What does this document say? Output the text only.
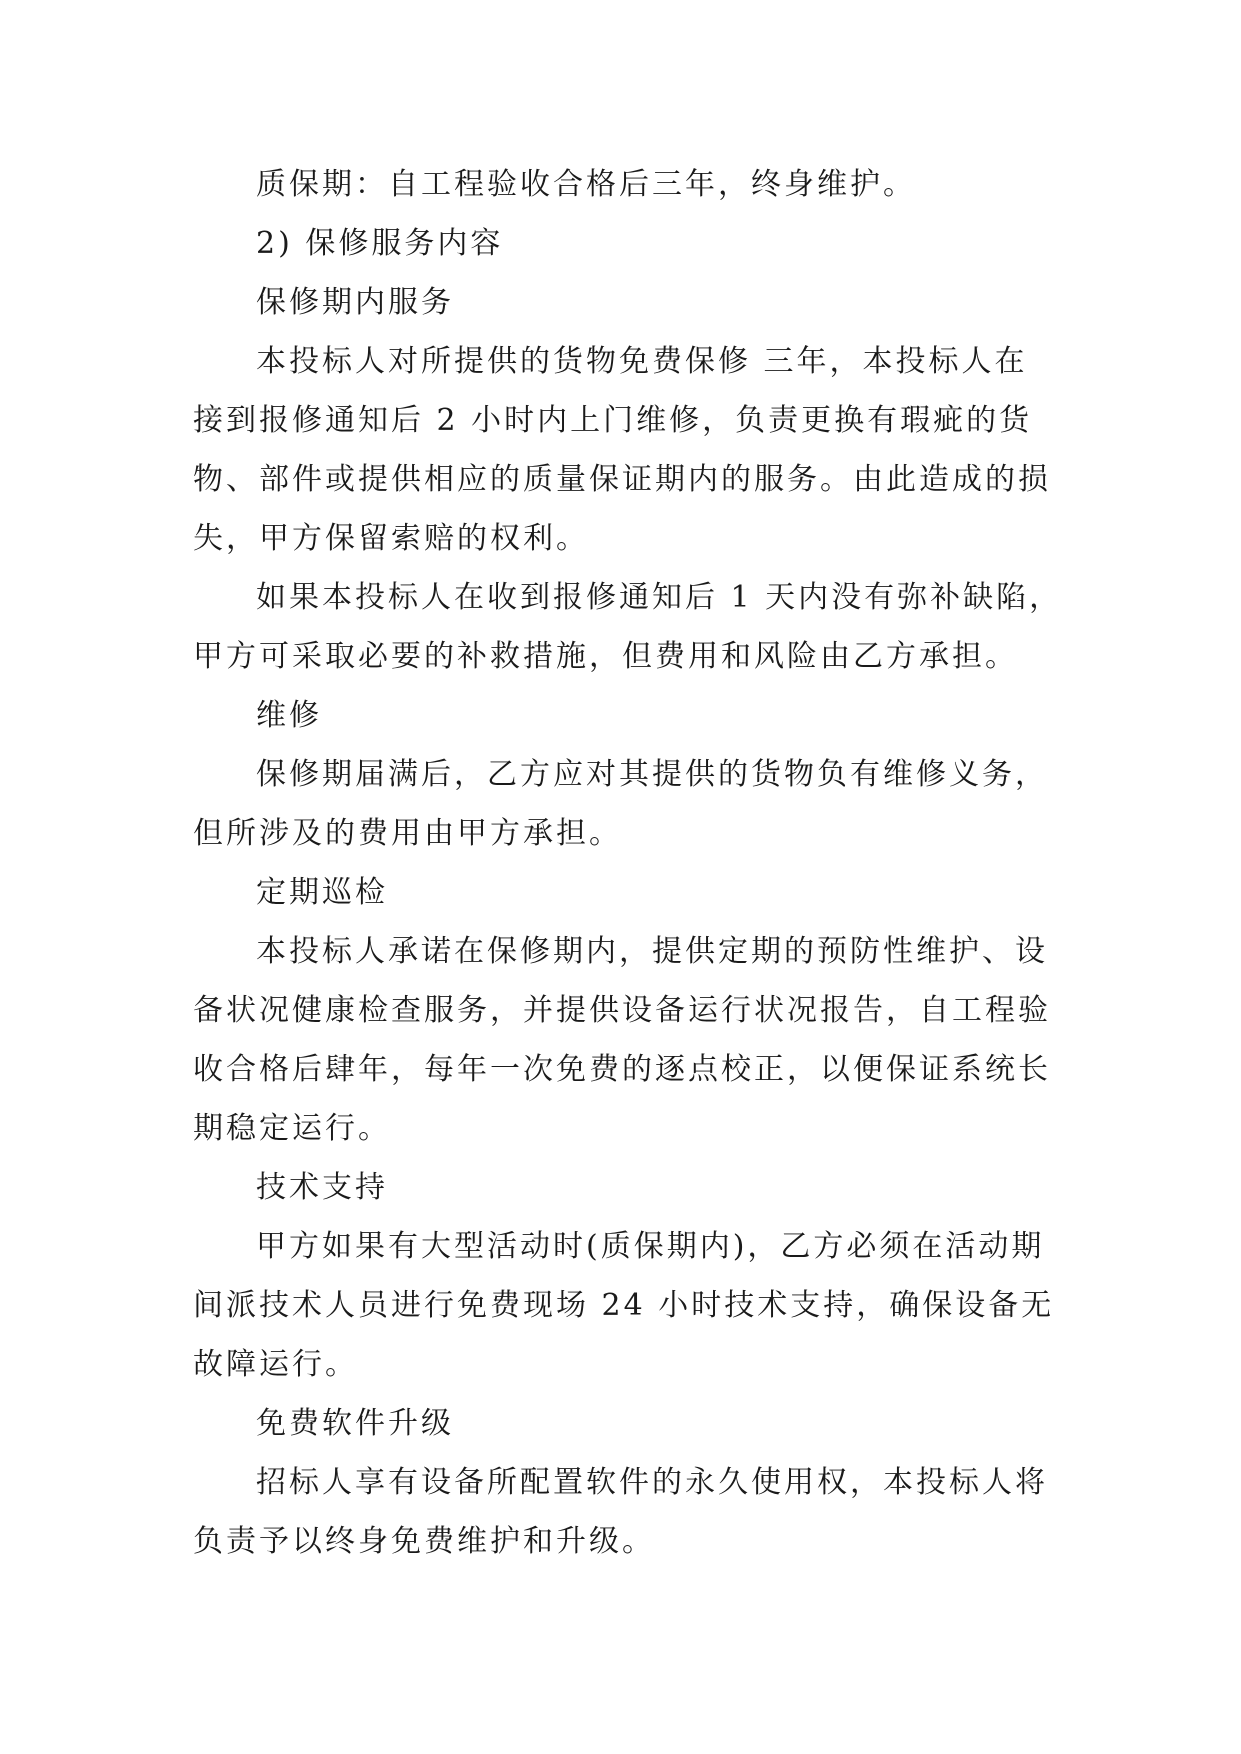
质保期：自工程验收合格后三年，终身维护。
2) 保修服务内容
保修期内服务
本投标人对所提供的货物免费保修 三年，本投标人在
接到报修通知后 2 小时内上门维修，负责更换有瑕疵的货
物、部件或提供相应的质量保证期内的服务。由此造成的损
失，甲方保留索赔的权利。
如果本投标人在收到报修通知后 1 天内没有弥补缺陷，
甲方可采取必要的补救措施，但费用和风险由乙方承担。
维修
保修期届满后，乙方应对其提供的货物负有维修义务，
但所涉及的费用由甲方承担。
定期巡检
本投标人承诺在保修期内，提供定期的预防性维护、设
备状况健康检查服务，并提供设备运行状况报告，自工程验
收合格后肆年，每年一次免费的逐点校正，以便保证系统长
期稳定运行。
技术支持
甲方如果有大型活动时(质保期内)，乙方必须在活动期
间派技术人员进行免费现场 24 小时技术支持，确保设备无
故障运行。
免费软件升级
招标人享有设备所配置软件的永久使用权，本投标人将
负责予以终身免费维护和升级。
